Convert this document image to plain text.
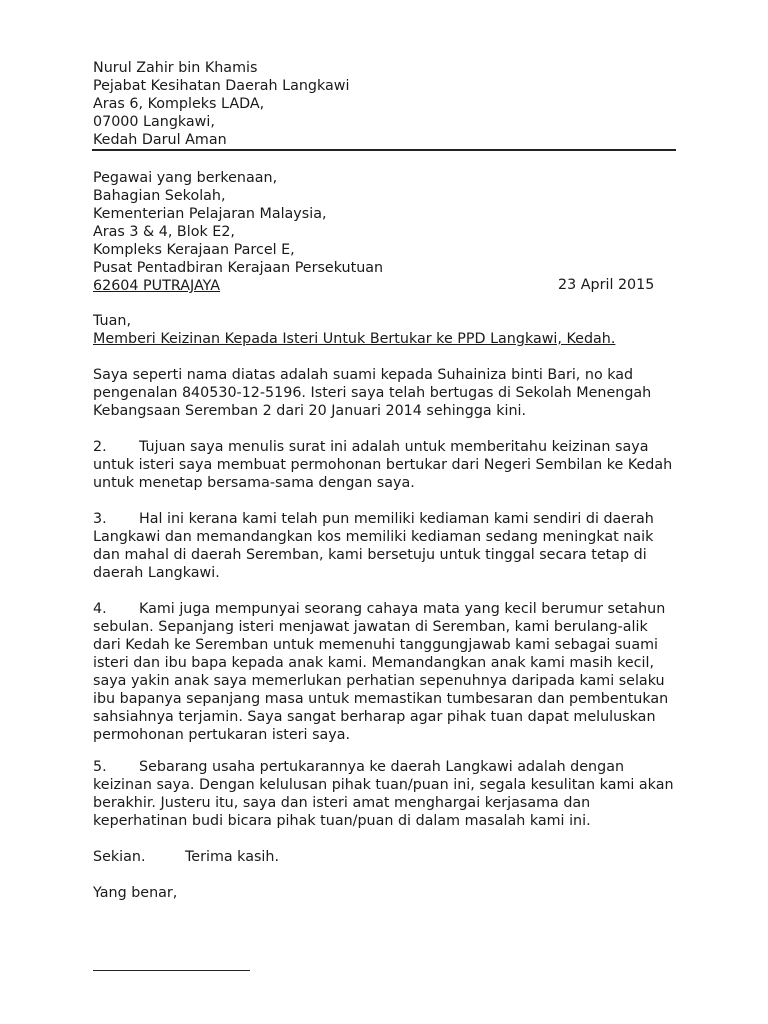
Nurul Zahir bin Khamis
Pejabat Kesihatan Daerah Langkawi
Aras 6, Kompleks LADA,
07000 Langkawi,
Kedah Darul Aman
Pegawai yang berkenaan,
Bahagian Sekolah,
Kementerian Pelajaran Malaysia,
Aras 3 & 4, Blok E2,
Kompleks Kerajaan Parcel E,
Pusat Pentadbiran Kerajaan Persekutuan
62604 PUTRAJAYA	23 April 2015
Tuan,
Memberi Keizinan Kepada Isteri Untuk Bertukar ke PPD Langkawi, Kedah.
Saya seperti nama diatas adalah suami kepada Suhainiza binti Bari, no kad
pengenalan 840530-12-5196. Isteri saya telah bertugas di Sekolah Menengah
Kebangsaan Seremban 2 dari 20 Januari 2014 sehingga kini.
2. Tujuan saya menulis surat ini adalah untuk memberitahu keizinan saya
untuk isteri saya membuat permohonan bertukar dari Negeri Sembilan ke Kedah
untuk menetap bersama-sama dengan saya.
3. Hal ini kerana kami telah pun memiliki kediaman kami sendiri di daerah
Langkawi dan memandangkan kos memiliki kediaman sedang meningkat naik
dan mahal di daerah Seremban, kami bersetuju untuk tinggal secara tetap di
daerah Langkawi.
4. Kami juga mempunyai seorang cahaya mata yang kecil berumur setahun
sebulan. Sepanjang isteri menjawat jawatan di Seremban, kami berulang-alik
dari Kedah ke Seremban untuk memenuhi tanggungjawab kami sebagai suami
isteri dan ibu bapa kepada anak kami. Memandangkan anak kami masih kecil,
saya yakin anak saya memerlukan perhatian sepenuhnya daripada kami selaku
ibu bapanya sepanjang masa untuk memastikan tumbesaran dan pembentukan
sahsiahnya terjamin. Saya sangat berharap agar pihak tuan dapat meluluskan
permohonan pertukaran isteri saya.
5. Sebarang usaha pertukarannya ke daerah Langkawi adalah dengan
keizinan saya. Dengan kelulusan pihak tuan/puan ini, segala kesulitan kami akan
berakhir. Justeru itu, saya dan isteri amat menghargai kerjasama dan
keperhatinan budi bicara pihak tuan/puan di dalam masalah kami ini.
Sekian.	Terima kasih.
Yang benar,
